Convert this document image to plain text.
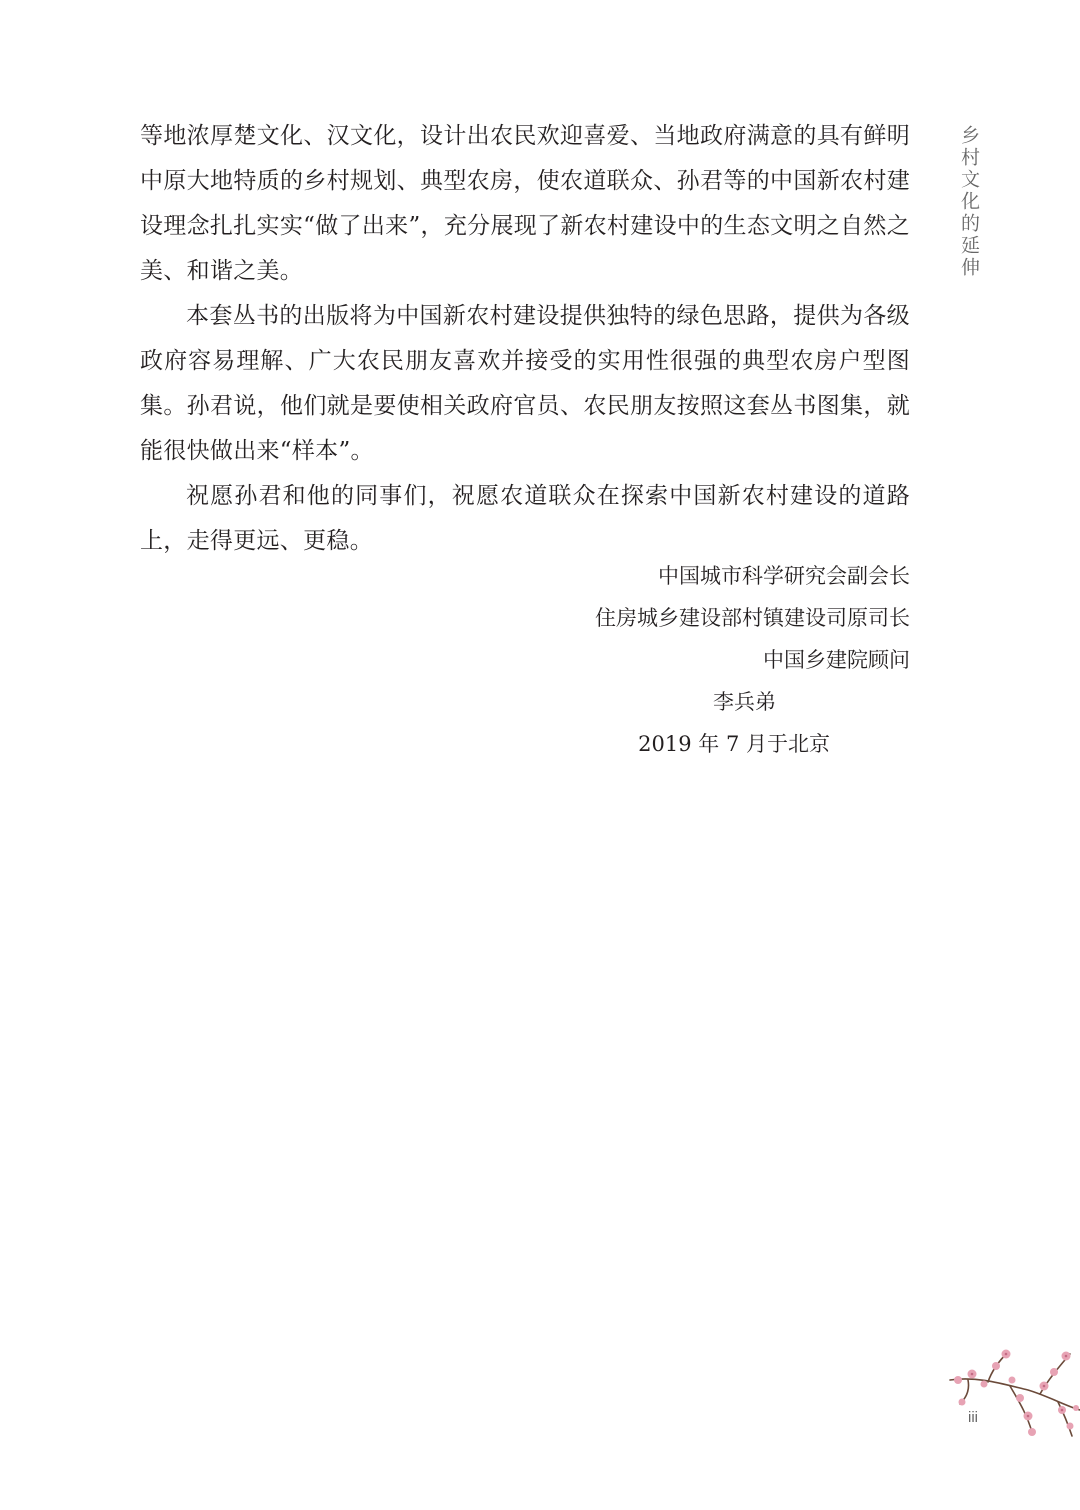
等地浓厚楚文化、汉文化，设计出农民欢迎喜爱、当地政府满意的具有鲜明中原大地特质的乡村规划、典型农房，使农道联众、孙君等的中国新农村建设理念扎扎实实“做了出来”，充分展现了新农村建设中的生态文明之自然之美、和谐之美。

本套丛书的出版将为中国新农村建设提供独特的绿色思路，提供为各级政府容易理解、广大农民朋友喜欢并接受的实用性很强的典型农房户型图集。孙君说，他们就是要使相关政府官员、农民朋友按照这套丛书图集，就能很快做出来“样本”。

祝愿孙君和他的同事们，祝愿农道联众在探索中国新农村建设的道路上，走得更远、更稳。

中国城市科学研究会副会长
住房城乡建设部村镇建设司原司长
中国乡建院顾问
李兵弟
2019 年 7 月于北京
乡村文化的延伸
iii
